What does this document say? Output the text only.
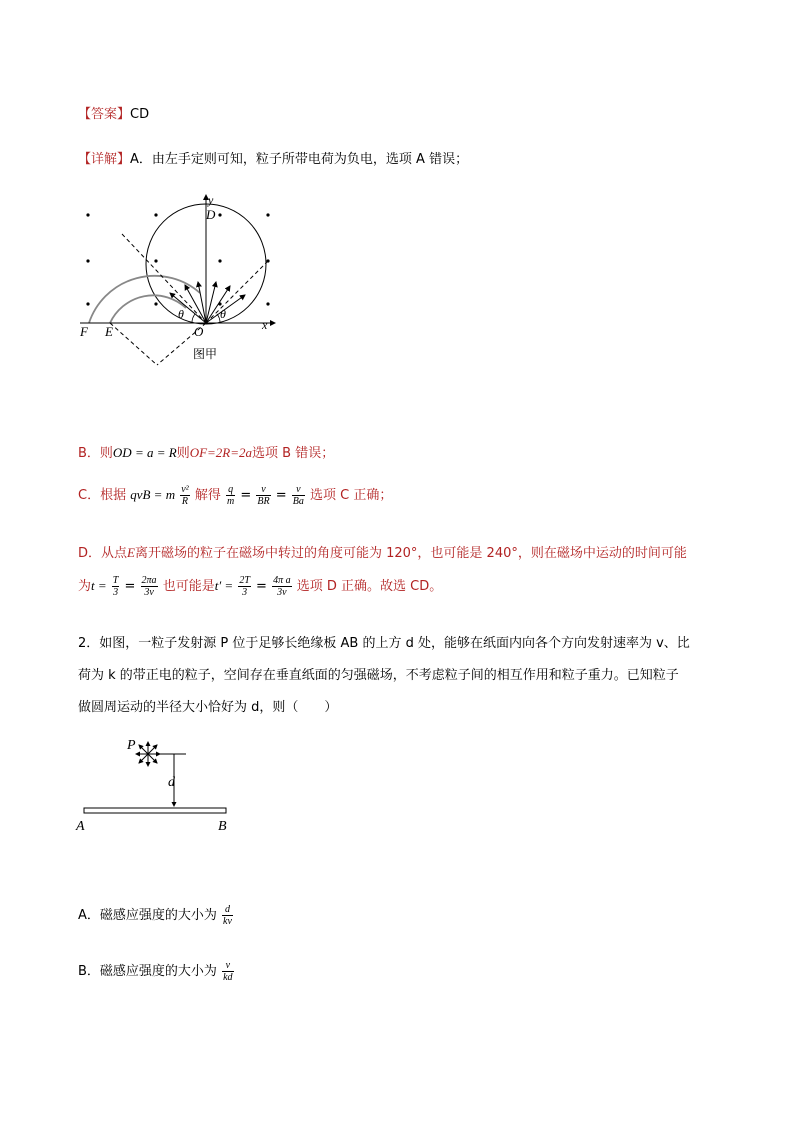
【答案】CD
【详解】A．由左手定则可知，粒子所带电荷为负电，选项 A 错误；
y
D
x
F E	O
θ	θ
图甲
B．则OD = a = R则OF=2R=2a选项 B 错误；
C．根据 qvB = m $\frac{\text{v²}}{R}$ 解得 $\frac{q}{m} = \frac{v}{BR} = \frac{v}{Ba}$ 选项 C 正确；
D．从点E离开磁场的粒子在磁场中转过的角度可能为 120°，也可能是 240°，则在磁场中运动的时间可能
为$t = \frac{T}{3} = \frac{2\pi a}{3v}$ 也可能是$t' = \frac{2T}{3} = \frac{\text{4π a}}{3v}$ 选项 D 正确。故选 CD。
2．如图，一粒子发射源 P 位于足够长绝缘板 AB 的上方 d 处，能够在纸面内向各个方向发射速率为 v、比
荷为 k 的带正电的粒子，空间存在垂直纸面的匀强磁场，不考虑粒子间的相互作用和粒子重力。已知粒子
做圆周运动的半径大小恰好为 d，则（　　）
P
d
A	B
A．磁感应强度的大小为 $\frac{d}{kv}$
B．磁感应强度的大小为 $\frac{v}{kd}$
